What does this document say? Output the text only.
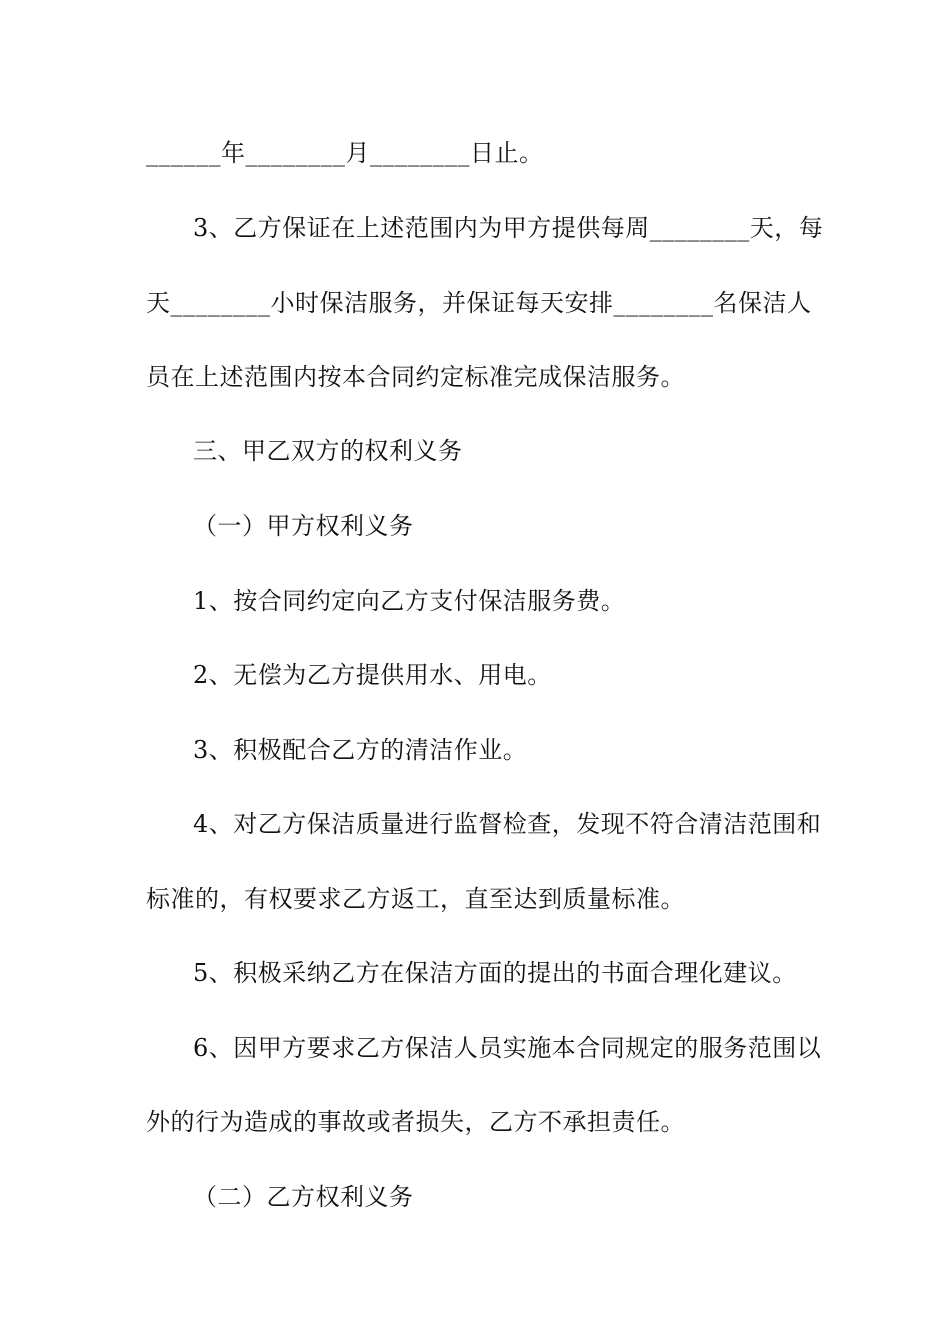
______年________月________日止。
3、乙方保证在上述范围内为甲方提供每周________天，每
天________小时保洁服务，并保证每天安排________名保洁人
员在上述范围内按本合同约定标准完成保洁服务。
三、甲乙双方的权利义务
（一）甲方权利义务
1、按合同约定向乙方支付保洁服务费。
2、无偿为乙方提供用水、用电。
3、积极配合乙方的清洁作业。
4、对乙方保洁质量进行监督检查，发现不符合清洁范围和
标准的，有权要求乙方返工，直至达到质量标准。
5、积极采纳乙方在保洁方面的提出的书面合理化建议。
6、因甲方要求乙方保洁人员实施本合同规定的服务范围以
外的行为造成的事故或者损失，乙方不承担责任。
（二）乙方权利义务
